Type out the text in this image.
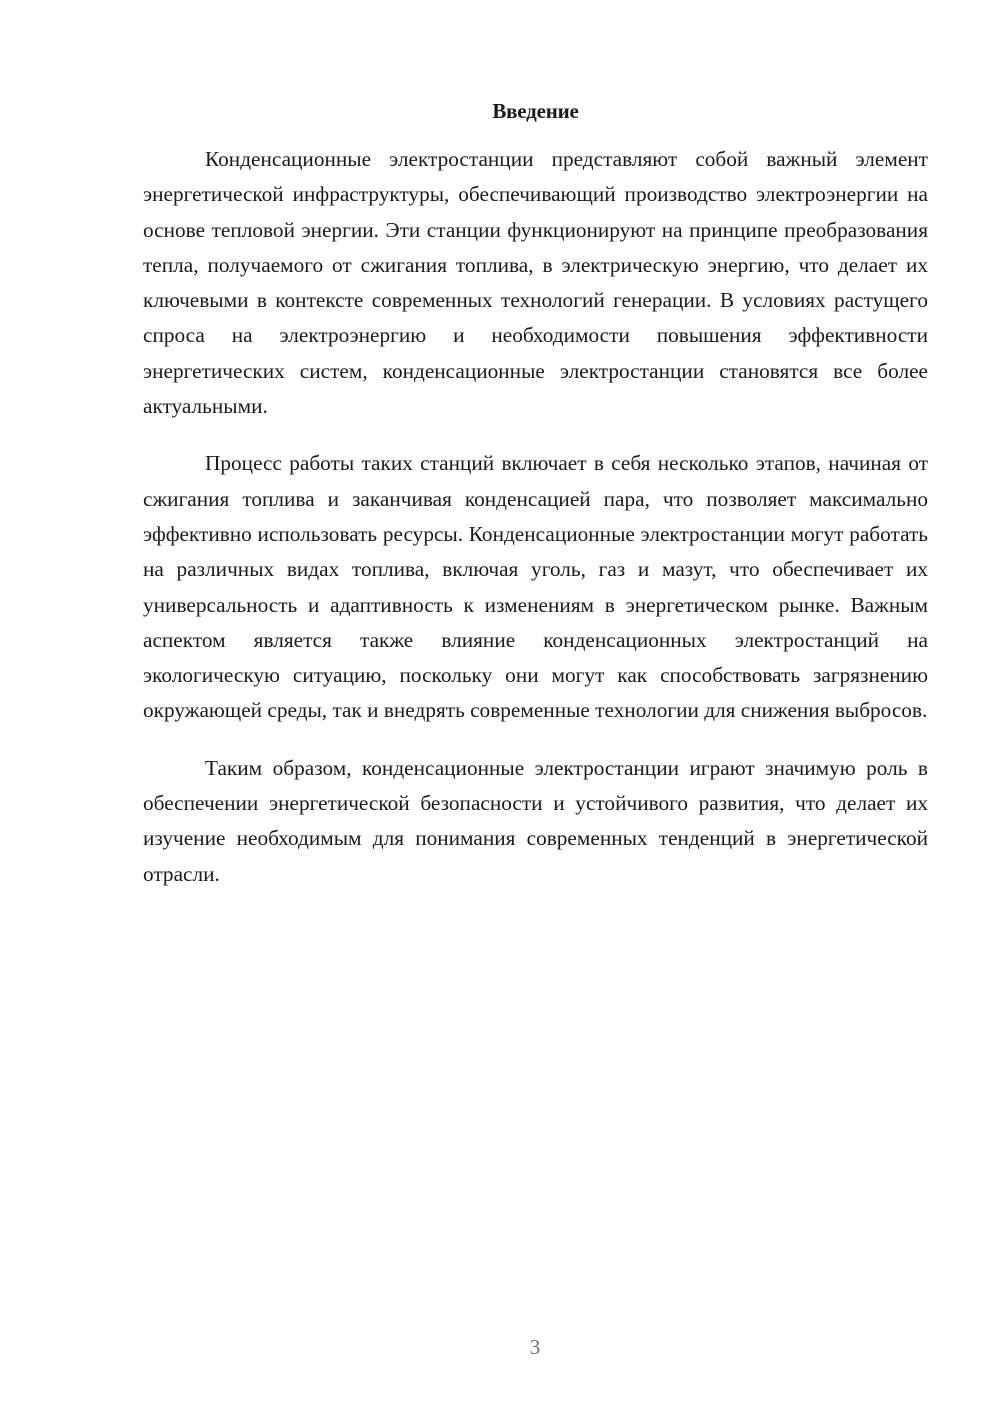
Введение

Конденсационные электростанции представляют собой важный элемент энергетической инфраструктуры, обеспечивающий производство электроэнергии на основе тепловой энергии. Эти станции функционируют на принципе преобразования тепла, получаемого от сжигания топлива, в электрическую энергию, что делает их ключевыми в контексте современных технологий генерации. В условиях растущего спроса на электроэнергию и необходимости повышения эффективности энергетических систем, конденсационные электростанции становятся все более актуальными.

Процесс работы таких станций включает в себя несколько этапов, начиная от сжигания топлива и заканчивая конденсацией пара, что позволяет максимально эффективно использовать ресурсы. Конденсационные электростанции могут работать на различных видах топлива, включая уголь, газ и мазут, что обеспечивает их универсальность и адаптивность к изменениям в энергетическом рынке. Важным аспектом является также влияние конденсационных электростанций на экологическую ситуацию, поскольку они могут как способствовать загрязнению окружающей среды, так и внедрять современные технологии для снижения выбросов.

Таким образом, конденсационные электростанции играют значимую роль в обеспечении энергетической безопасности и устойчивого развития, что делает их изучение необходимым для понимания современных тенденций в энергетической отрасли.

3
